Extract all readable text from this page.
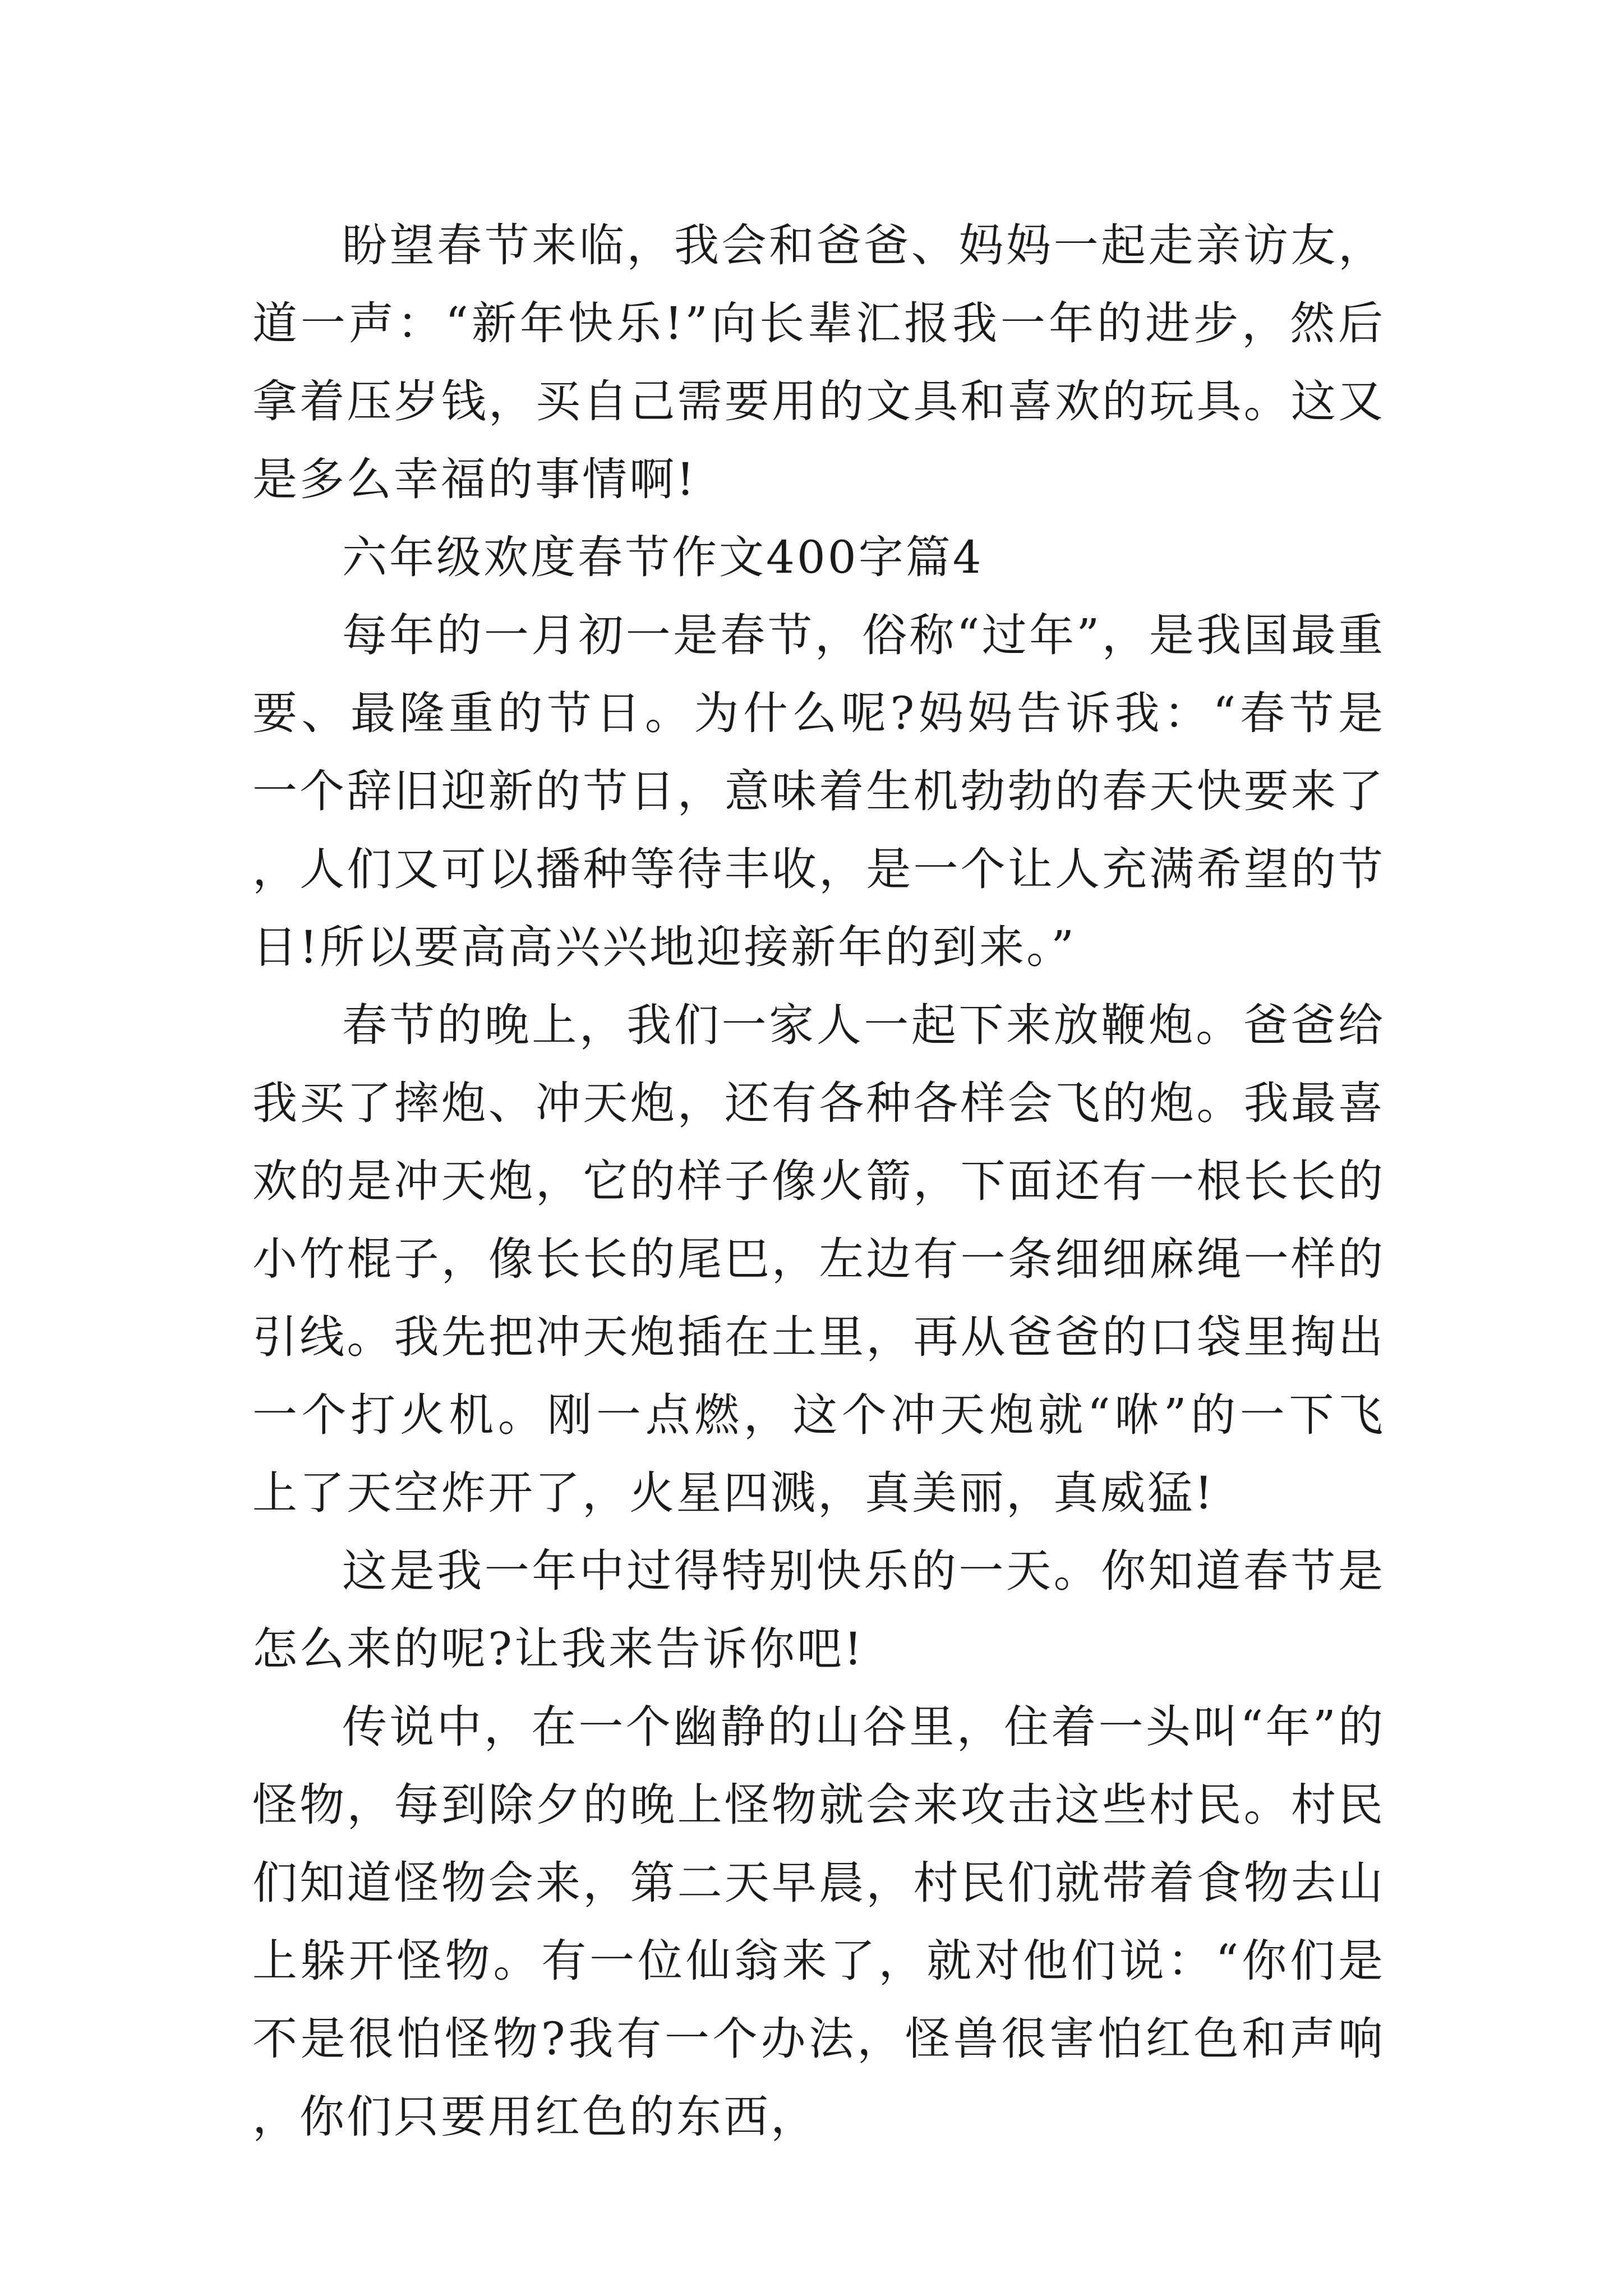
盼望春节来临，我会和爸爸、妈妈一起走亲访友，道一声：“新年快乐!”向长辈汇报我一年的进步，然后拿着压岁钱，买自己需要用的文具和喜欢的玩具。这又是多么幸福的事情啊!

六年级欢度春节作文400字篇4

每年的一月初一是春节，俗称“过年”，是我国最重要、最隆重的节日。为什么呢?妈妈告诉我：“春节是一个辞旧迎新的节日，意味着生机勃勃的春天快要来了，人们又可以播种等待丰收，是一个让人充满希望的节日!所以要高高兴兴地迎接新年的到来。”

春节的晚上，我们一家人一起下来放鞭炮。爸爸给我买了摔炮、冲天炮，还有各种各样会飞的炮。我最喜欢的是冲天炮，它的样子像火箭，下面还有一根长长的小竹棍子，像长长的尾巴，左边有一条细细麻绳一样的引线。我先把冲天炮插在土里，再从爸爸的口袋里掏出一个打火机。刚一点燃，这个冲天炮就“咻”的一下飞上了天空炸开了，火星四溅，真美丽，真威猛!

这是我一年中过得特别快乐的一天。你知道春节是怎么来的呢?让我来告诉你吧!

传说中，在一个幽静的山谷里，住着一头叫“年”的怪物，每到除夕的晚上怪物就会来攻击这些村民。村民们知道怪物会来，第二天早晨，村民们就带着食物去山上躲开怪物。有一位仙翁来了，就对他们说：“你们是不是很怕怪物?我有一个办法，怪兽很害怕红色和声响，你们只要用红色的东西，
